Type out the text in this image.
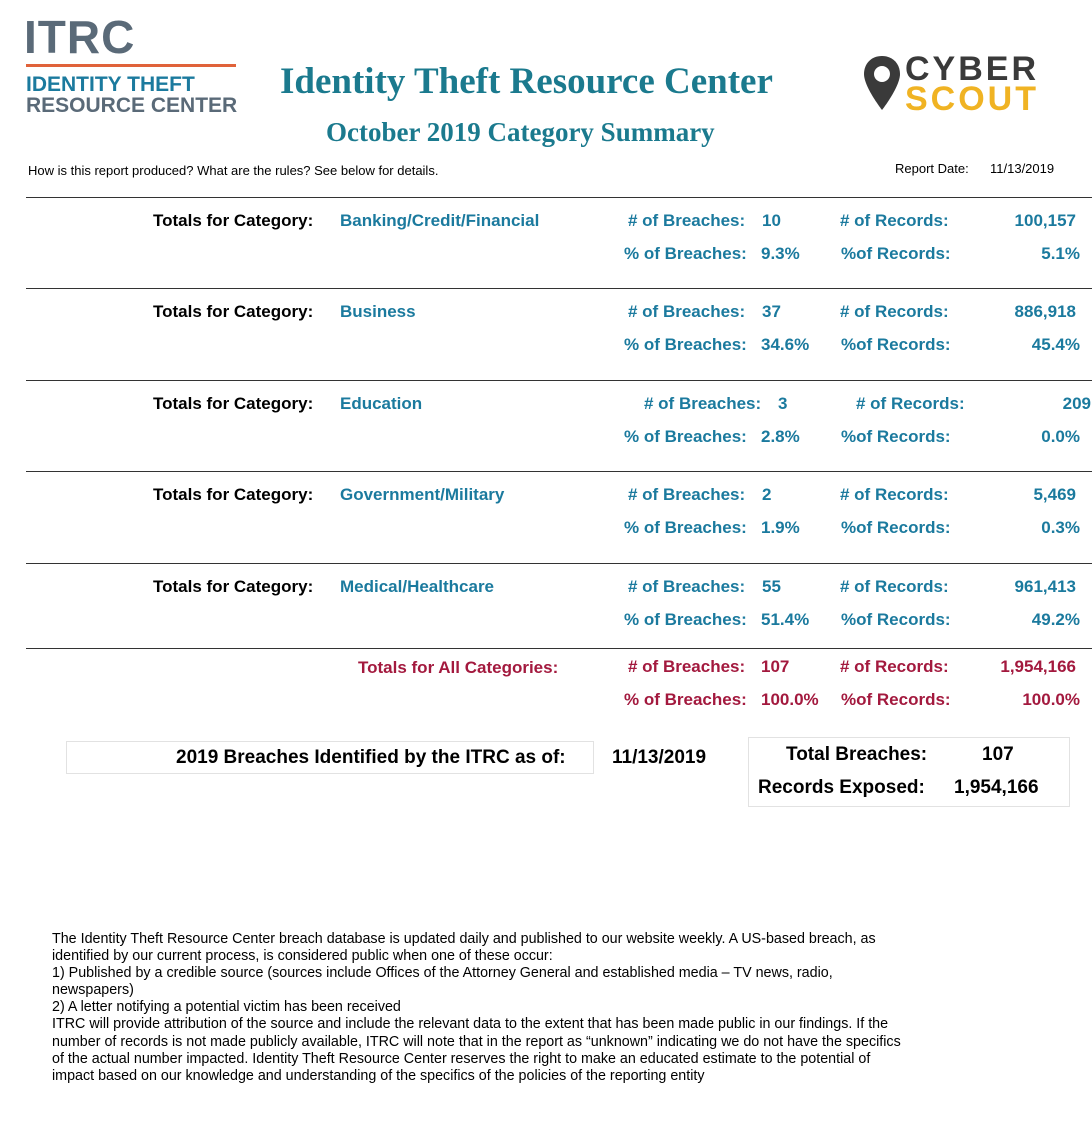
ITRC
IDENTITY THEFT
RESOURCE CENTER
Identity Theft Resource Center
October 2019 Category Summary
CYBER
SCOUT
How is this report produced? What are the rules? See below for details.	Report Date: 11/13/2019
Totals for Category: Banking/Credit/Financial	# of Breaches: 10	# of Records:	100,157
% of Breaches: 9.3% %of Records:	5.1%
Totals for Category: Business	# of Breaches: 37	# of Records:	886,918
% of Breaches: 34.6% %of Records:	45.4%
Totals for Category: Education	# of Breaches: 3	# of Records:	209
% of Breaches: 2.8% %of Records:	0.0%
Totals for Category: Government/Military	# of Breaches: 2	# of Records:	5,469
% of Breaches: 1.9% %of Records:	0.3%
Totals for Category: Medical/Healthcare	# of Breaches: 55	# of Records:	961,413
% of Breaches: 51.4% %of Records:	49.2%
Totals for All Categories:	# of Breaches: 107	# of Records:	1,954,166
% of Breaches: 100.0% %of Records:	100.0%
2019 Breaches Identified by the ITRC as of: 11/13/2019	Total Breaches:	107
Records Exposed: 1,954,166

The Identity Theft Resource Center breach database is updated daily and published to our website weekly. A US-based breach, as

identified by our current process, is considered public when one of these occur:

1) Published by a credible source (sources include Offices of the Attorney General and established media – TV news, radio,

newspapers)

2) A letter notifying a potential victim has been received

ITRC will provide attribution of the source and include the relevant data to the extent that has been made public in our findings. If the

number of records is not made publicly available, ITRC will note that in the report as “unknown” indicating we do not have the specifics

of the actual number impacted. Identity Theft Resource Center reserves the right to make an educated estimate to the potential of

impact based on our knowledge and understanding of the specifics of the policies of the reporting entity
